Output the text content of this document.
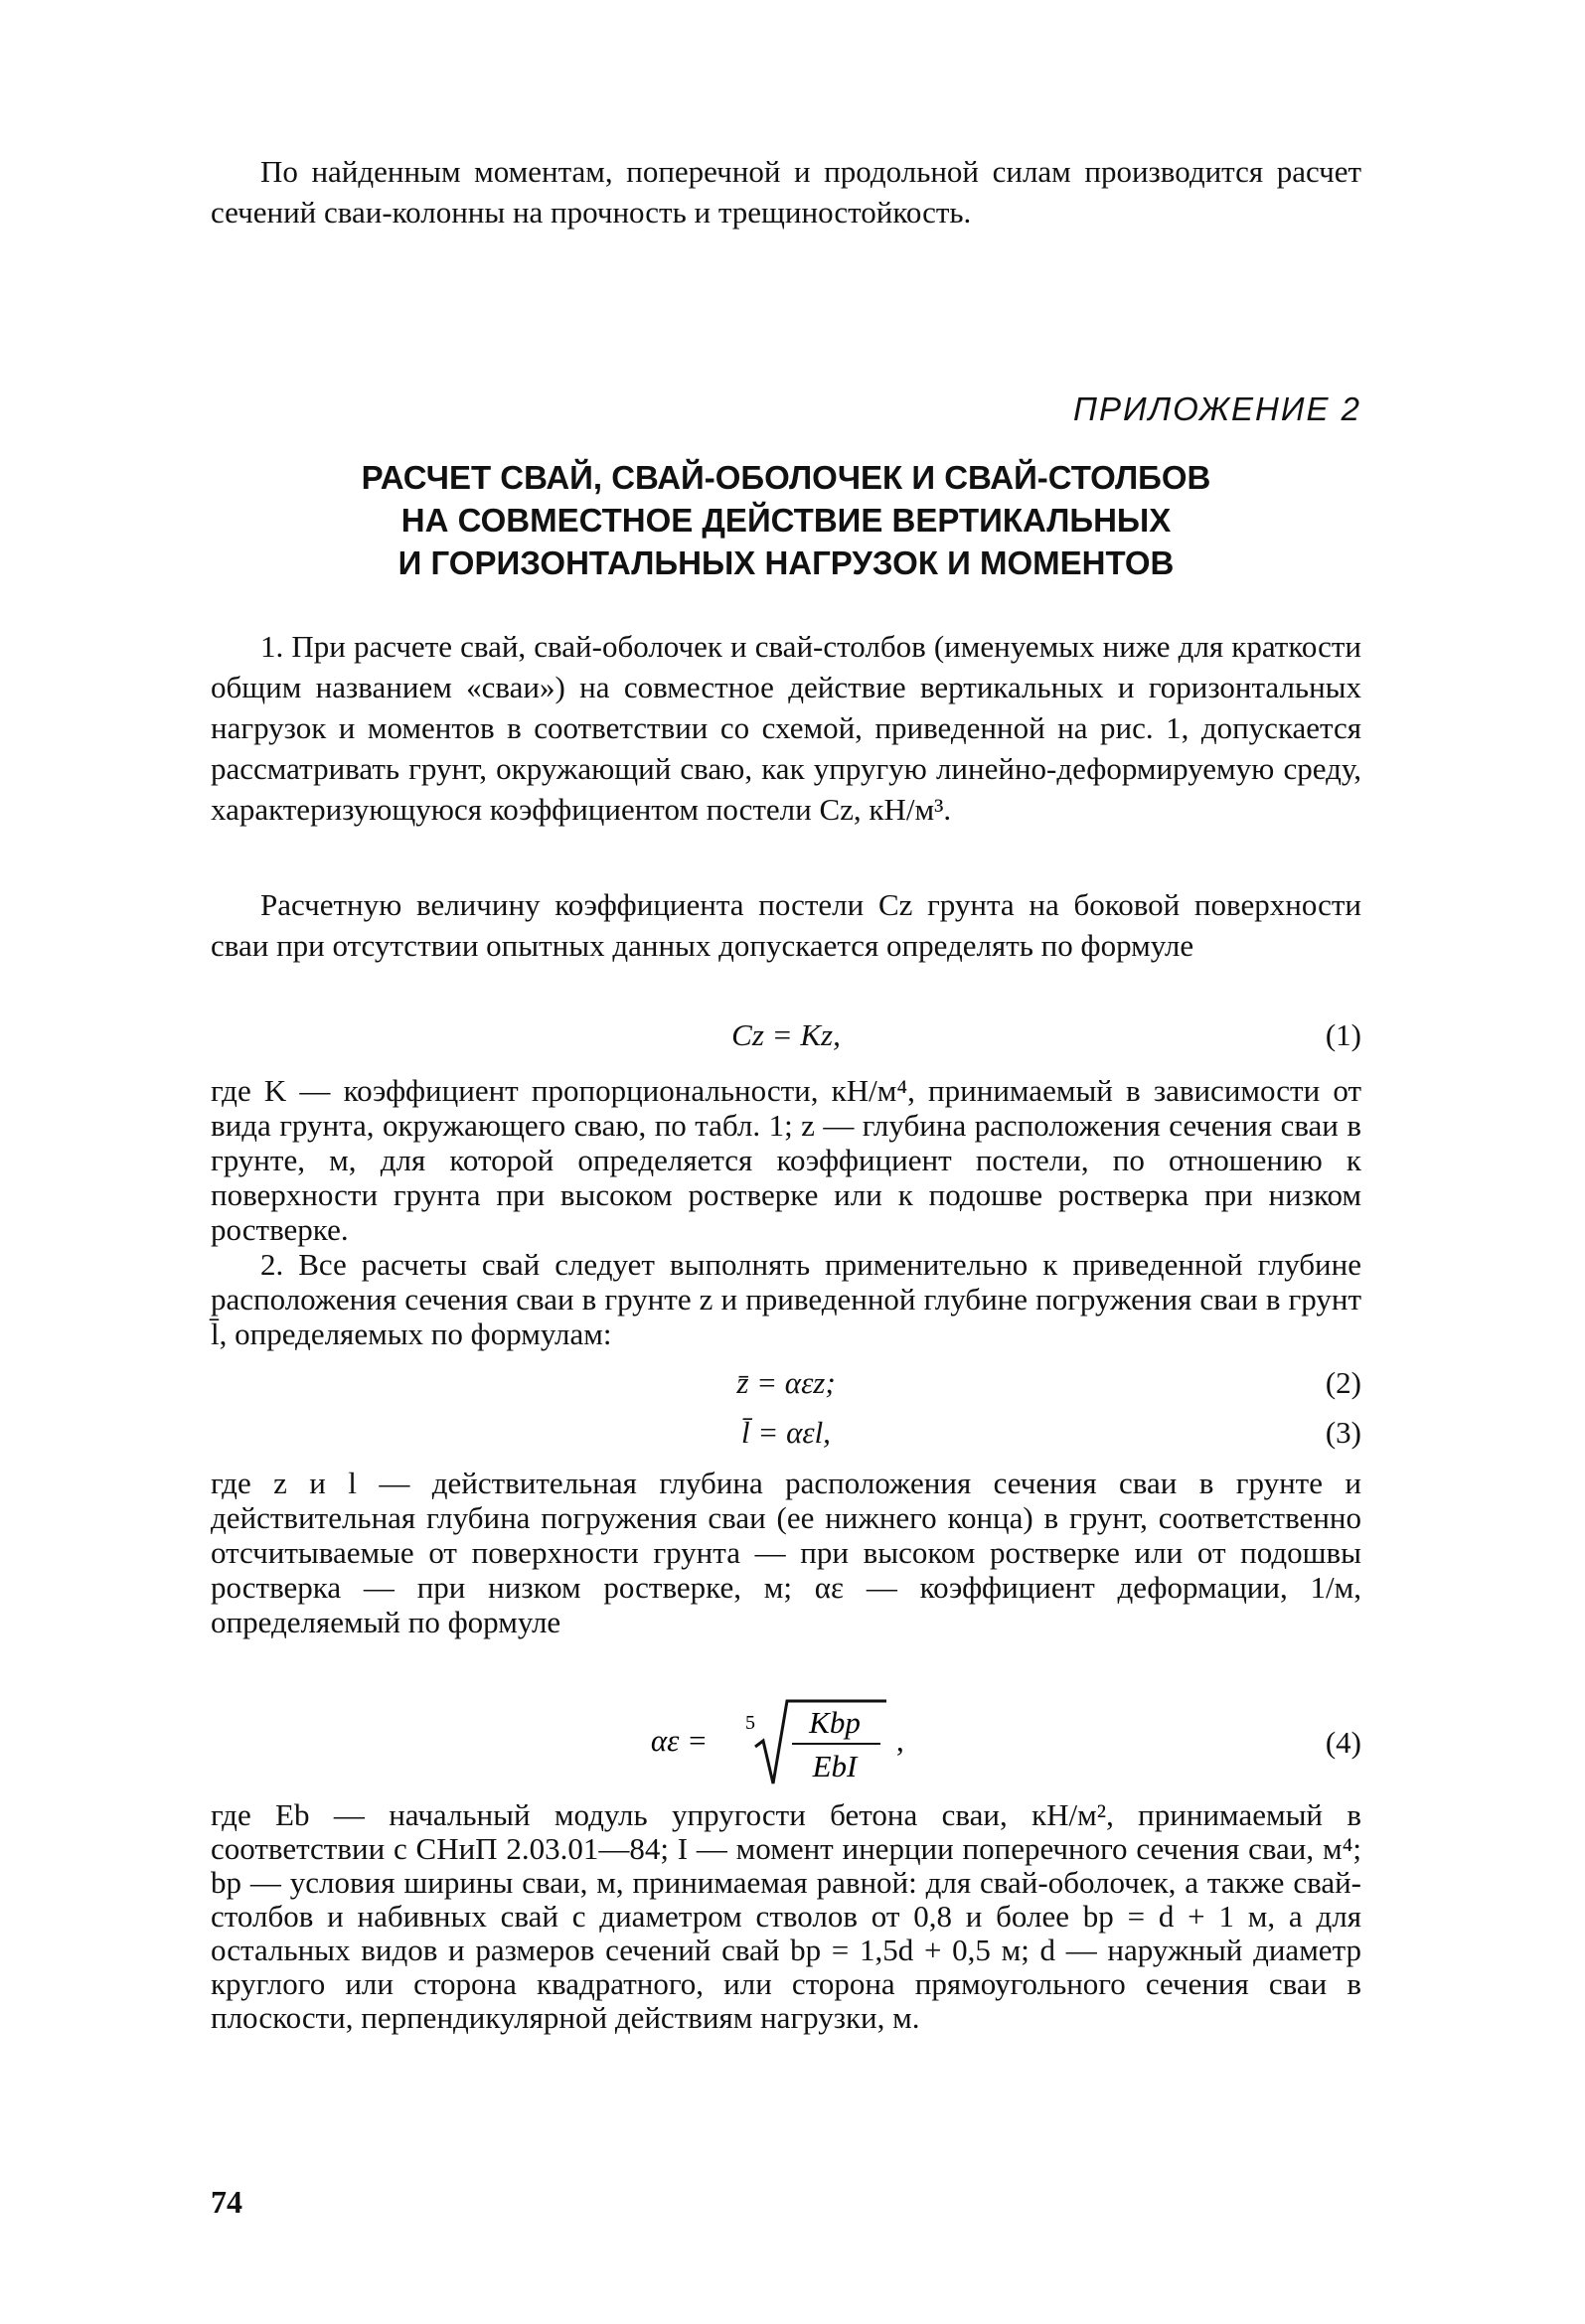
По найденным моментам, поперечной и продольной силам производится расчет сечений сваи-колонны на прочность и трещиностойкость.

ПРИЛОЖЕНИЕ 2

РАСЧЕТ СВАЙ, СВАЙ-ОБОЛОЧЕК И СВАЙ-СТОЛБОВ
НА СОВМЕСТНОЕ ДЕЙСТВИЕ ВЕРТИКАЛЬНЫХ
И ГОРИЗОНТАЛЬНЫХ НАГРУЗОК И МОМЕНТОВ

1. При расчете свай, свай-оболочек и свай-столбов (именуемых ниже для краткости общим названием «сваи») на совместное действие вертикальных и горизонтальных нагрузок и моментов в соответствии со схемой, приведенной на рис. 1, допускается рассматривать грунт, окружающий сваю, как упругую линейно-деформируемую среду, характеризующуюся коэффициентом постели Cz, кН/м³.

Расчетную величину коэффициента постели Cz грунта на боковой поверхности сваи при отсутствии опытных данных допускается определять по формуле

Cz = Kz,	(1)

где K — коэффициент пропорциональности, кН/м⁴, принимаемый в зависимости от вида грунта, окружающего сваю, по табл. 1; z — глубина расположения сечения сваи в грунте, м, для которой определяется коэффициент постели, по отношению к поверхности грунта при высоком ростверке или к подошве ростверка при низком ростверке.

2. Все расчеты свай следует выполнять применительно к приведенной глубине расположения сечения сваи в грунте z и приведенной глубине погружения сваи в грунт l̄, определяемых по формулам:

z̄ = αεz;	(2)
l̄ = αεl,	(3)

где z и l — действительная глубина расположения сечения сваи в грунте и действительная глубина погружения сваи (ее нижнего конца) в грунт, соответственно отсчитываемые от поверхности грунта — при высоком ростверке или от подошвы ростверка — при низком ростверке, м; αε — коэффициент деформации, 1/м, определяемый по формуле

αε = 5 Kbp
EbI
,	(4)

где Eb — начальный модуль упругости бетона сваи, кН/м², принимаемый в соответствии с СНиП 2.03.01—84; I — момент инерции поперечного сечения сваи, м⁴; bp — условия ширины сваи, м, принимаемая равной: для свай-оболочек, а также свай-столбов и набивных свай с диаметром стволов от 0,8 и более bp = d + 1 м, а для остальных видов и размеров сечений свай bp = 1,5d + 0,5 м; d — наружный диаметр круглого или сторона квадратного, или сторона прямоугольного сечения сваи в плоскости, перпендикулярной действиям нагрузки, м.

74
